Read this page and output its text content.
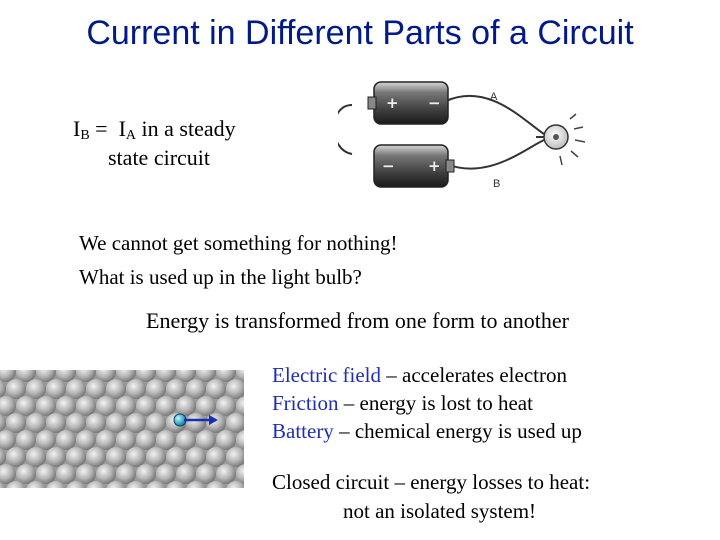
Current in Different Parts of a Circuit
$I_B = I_A$ in a steady
state circuit
+ −
− +
A
B
We cannot get something for nothing!
What is used up in the light bulb?
Energy is transformed from one form to another
Electric field – accelerates electron
Friction – energy is lost to heat
Battery – chemical energy is used up
Closed circuit – energy losses to heat:
not an isolated system!
